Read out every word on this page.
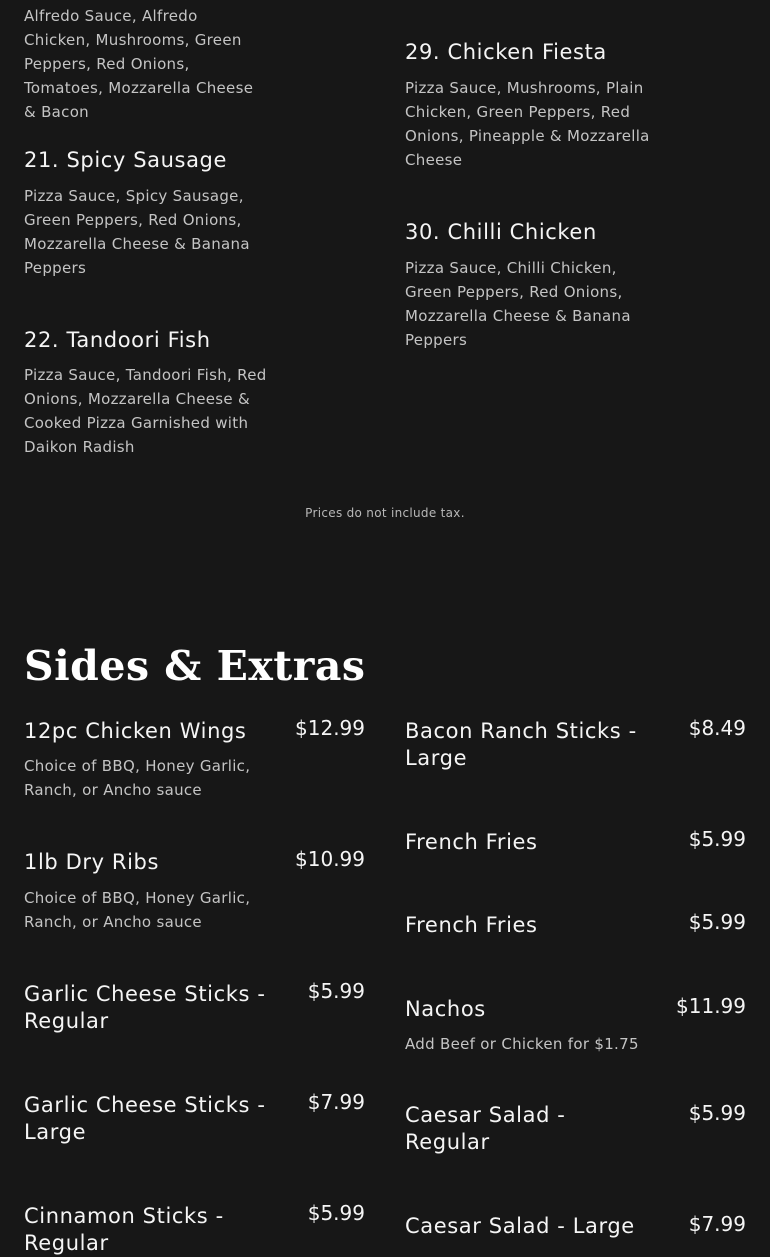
Alfredo Sauce, Alfredo Chicken, Mushrooms, Green Peppers, Red Onions, Tomatoes, Mozzarella Cheese & Bacon
21. Spicy Sausage
Pizza Sauce, Spicy Sausage, Green Peppers, Red Onions, Mozzarella Cheese & Banana Peppers
22. Tandoori Fish
Pizza Sauce, Tandoori Fish, Red Onions, Mozzarella Cheese & Cooked Pizza Garnished with Daikon Radish
29. Chicken Fiesta
Pizza Sauce, Mushrooms, Plain Chicken, Green Peppers, Red Onions, Pineapple & Mozzarella Cheese
30. Chilli Chicken
Pizza Sauce, Chilli Chicken, Green Peppers, Red Onions, Mozzarella Cheese & Banana Peppers
Prices do not include tax.
Sides & Extras
12pc Chicken Wings	$12.99
Choice of BBQ, Honey Garlic, Ranch, or Ancho sauce
1lb Dry Ribs	$10.99
Choice of BBQ, Honey Garlic, Ranch, or Ancho sauce
Garlic Cheese Sticks - Regular
$5.99
Garlic Cheese Sticks - Large
$7.99
Cinnamon Sticks - Regular
$5.99
Bacon Ranch Sticks - Large
$8.49
French Fries	$5.99
French Fries	$5.99
Nachos	$11.99
Add Beef or Chicken for $1.75
Caesar Salad - Regular
$5.99
Caesar Salad - Large	$7.99
